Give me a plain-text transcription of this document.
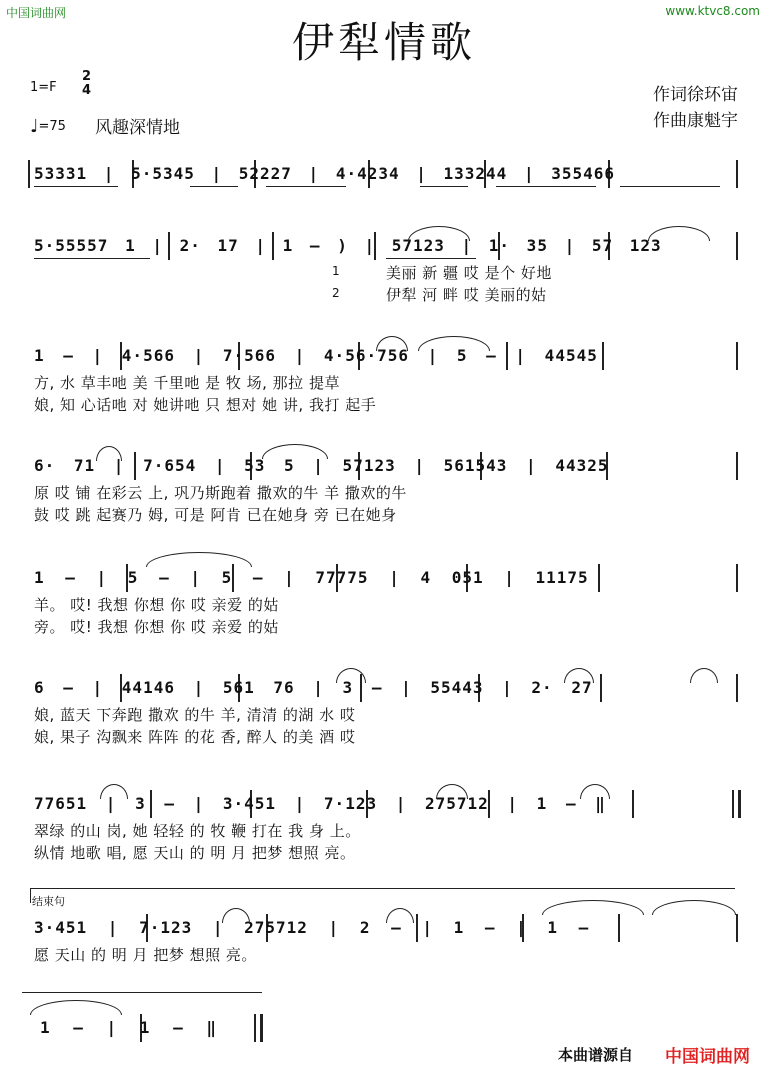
中国词曲网	www.ktvc8.com
伊犁情歌
1=F
2
4
♩=75 风趣深情地
作词徐环宙
作曲康魁宇
53331 | 5·5345 | 52227 | 4·4234 | 133244 | 355466
5·55557 1 | 2· 17 | 1 – ) | 57123 | 1· 35 | 57 123
1
2
美丽 新 疆 哎 是个 好地
伊犁 河 畔 哎 美丽的姑
1 – | 4·566 | 7·566 | 4·56·756 | 5 – | 44545
方, 水 草丰吔 美 千里吔 是 牧 场, 那拉 提草
娘, 知 心话吔 对 她讲吔 只 想对 她 讲, 我打 起手
6· 71 | 7·654 | 53 5 | 57123 | 561543 | 44325
原 哎 铺 在彩云 上, 巩乃斯跑着 撒欢的牛 羊 撒欢的牛
鼓 哎 跳 起赛乃 姆, 可是 阿肯 已在她身 旁 已在她身
1 – | 5 – | 5 – | 77775 | 4 051 | 11175
羊。 哎! 我想 你想 你 哎 亲爱 的姑
旁。 哎! 我想 你想 你 哎 亲爱 的姑
6 – | 44146 | 561 76 | 3 – | 55443 | 2· 27
娘, 蓝天 下奔跑 撒欢 的牛 羊, 清清 的湖 水 哎
娘, 果子 沟飘来 阵阵 的花 香, 醉人 的美 酒 哎
77651 | 3 – | 3·451 | 7·123 | 275712 | 1 – ‖
翠绿 的山 岗, 她 轻轻 的 牧 鞭 打在 我 身 上。
纵情 地歌 唱, 愿 天山 的 明 月 把梦 想照 亮。
结束句
3·451 | 7·123 | 275712 | 2 – | 1 – | 1 –
愿 天山 的 明 月 把梦 想照 亮。
1 – | 1 – ‖
本曲谱源自 中国词曲网
